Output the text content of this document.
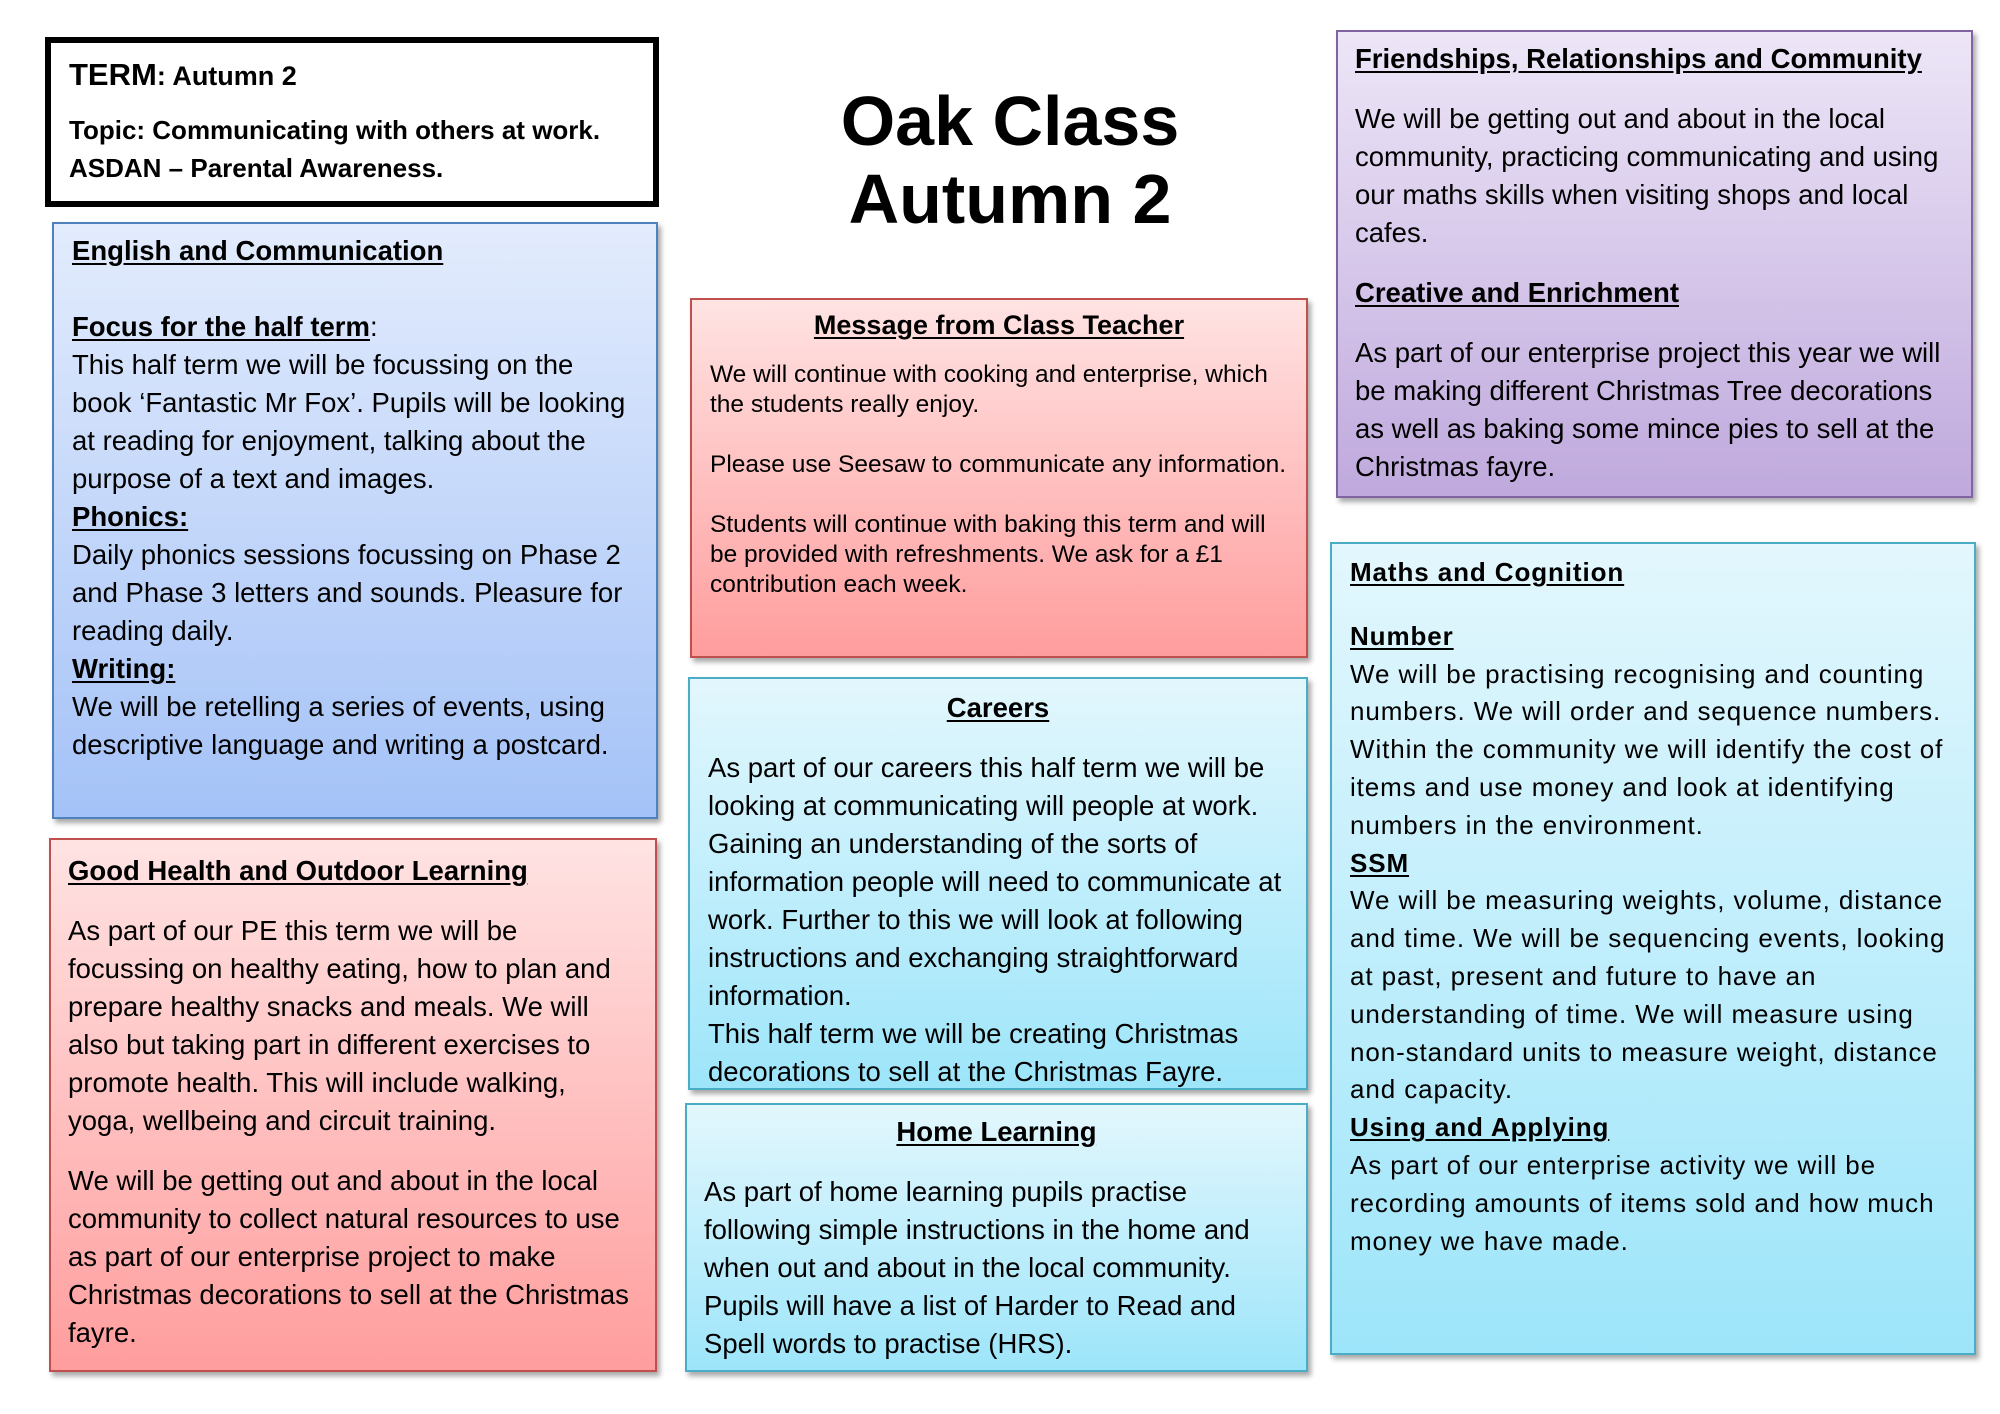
TERM: Autumn 2
Topic: Communicating with others at work. ASDAN – Parental Awareness.
Oak Class
Autumn 2
English and Communication
Focus for the half term:
This half term we will be focussing on the book ‘Fantastic Mr Fox’. Pupils will be looking at reading for enjoyment, talking about the purpose of a text and images.
Phonics:
Daily phonics sessions focussing on Phase 2 and Phase 3 letters and sounds. Pleasure for reading daily.
Writing:
We will be retelling a series of events, using descriptive language and writing a postcard.
Good Health and Outdoor Learning
As part of our PE this term we will be focussing on healthy eating, how to plan and prepare healthy snacks and meals. We will also but taking part in different exercises to promote health. This will include walking, yoga, wellbeing and circuit training.
We will be getting out and about in the local community to collect natural resources to use as part of our enterprise project to make Christmas decorations to sell at the Christmas fayre.
Message from Class Teacher
We will continue with cooking and enterprise, which the students really enjoy.
Please use Seesaw to communicate any information.
Students will continue with baking this term and will be provided with refreshments. We ask for a £1 contribution each week.
Careers
As part of our careers this half term we will be looking at communicating will people at work. Gaining an understanding of the sorts of information people will need to communicate at work. Further to this we will look at following instructions and exchanging straightforward information.
This half term we will be creating Christmas decorations to sell at the Christmas Fayre.
Home Learning
As part of home learning pupils practise following simple instructions in the home and when out and about in the local community. Pupils will have a list of Harder to Read and Spell words to practise (HRS).
Friendships, Relationships and Community
We will be getting out and about in the local community, practicing communicating and using our maths skills when visiting shops and local cafes.
Creative and Enrichment
As part of our enterprise project this year we will be making different Christmas Tree decorations as well as baking some mince pies to sell at the Christmas fayre.
Maths and Cognition
Number
We will be practising recognising and counting numbers. We will order and sequence numbers. Within the community we will identify the cost of items and use money and look at identifying numbers in the environment.
SSM
We will be measuring weights, volume, distance and time. We will be sequencing events, looking at past, present and future to have an understanding of time. We will measure using non-standard units to measure weight, distance and capacity.
Using and Applying
As part of our enterprise activity we will be recording amounts of items sold and how much money we have made.
